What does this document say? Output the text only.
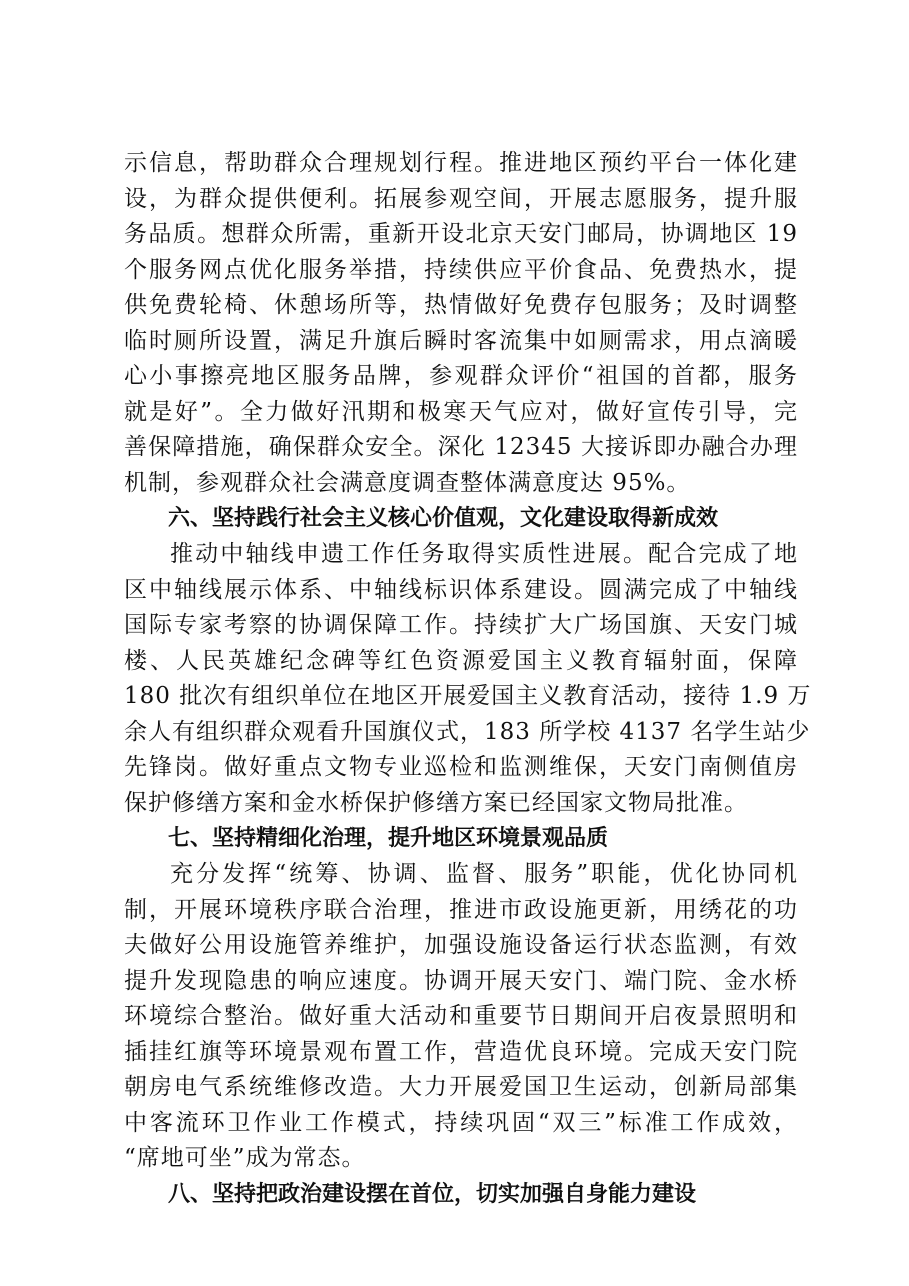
示信息，帮助群众合理规划行程。推进地区预约平台一体化建
设，为群众提供便利。拓展参观空间，开展志愿服务，提升服
务品质。想群众所需，重新开设北京天安门邮局，协调地区 19
个服务网点优化服务举措，持续供应平价食品、免费热水，提
供免费轮椅、休憩场所等，热情做好免费存包服务；及时调整
临时厕所设置，满足升旗后瞬时客流集中如厕需求，用点滴暖
心小事擦亮地区服务品牌，参观群众评价“祖国的首都，服务
就是好”。全力做好汛期和极寒天气应对，做好宣传引导，完
善保障措施，确保群众安全。深化 12345 大接诉即办融合办理
机制，参观群众社会满意度调查整体满意度达 95%。
六、坚持践行社会主义核心价值观，文化建设取得新成效
推动中轴线申遗工作任务取得实质性进展。配合完成了地
区中轴线展示体系、中轴线标识体系建设。圆满完成了中轴线
国际专家考察的协调保障工作。持续扩大广场国旗、天安门城
楼、人民英雄纪念碑等红色资源爱国主义教育辐射面，保障
180 批次有组织单位在地区开展爱国主义教育活动，接待 1.9 万
余人有组织群众观看升国旗仪式，183 所学校 4137 名学生站少
先锋岗。做好重点文物专业巡检和监测维保，天安门南侧值房
保护修缮方案和金水桥保护修缮方案已经国家文物局批准。
七、坚持精细化治理，提升地区环境景观品质
充分发挥“统筹、协调、监督、服务”职能，优化协同机
制，开展环境秩序联合治理，推进市政设施更新，用绣花的功
夫做好公用设施管养维护，加强设施设备运行状态监测，有效
提升发现隐患的响应速度。协调开展天安门、端门院、金水桥
环境综合整治。做好重大活动和重要节日期间开启夜景照明和
插挂红旗等环境景观布置工作，营造优良环境。完成天安门院
朝房电气系统维修改造。大力开展爱国卫生运动，创新局部集
中客流环卫作业工作模式，持续巩固“双三”标准工作成效，
“席地可坐”成为常态。
八、坚持把政治建设摆在首位，切实加强自身能力建设
